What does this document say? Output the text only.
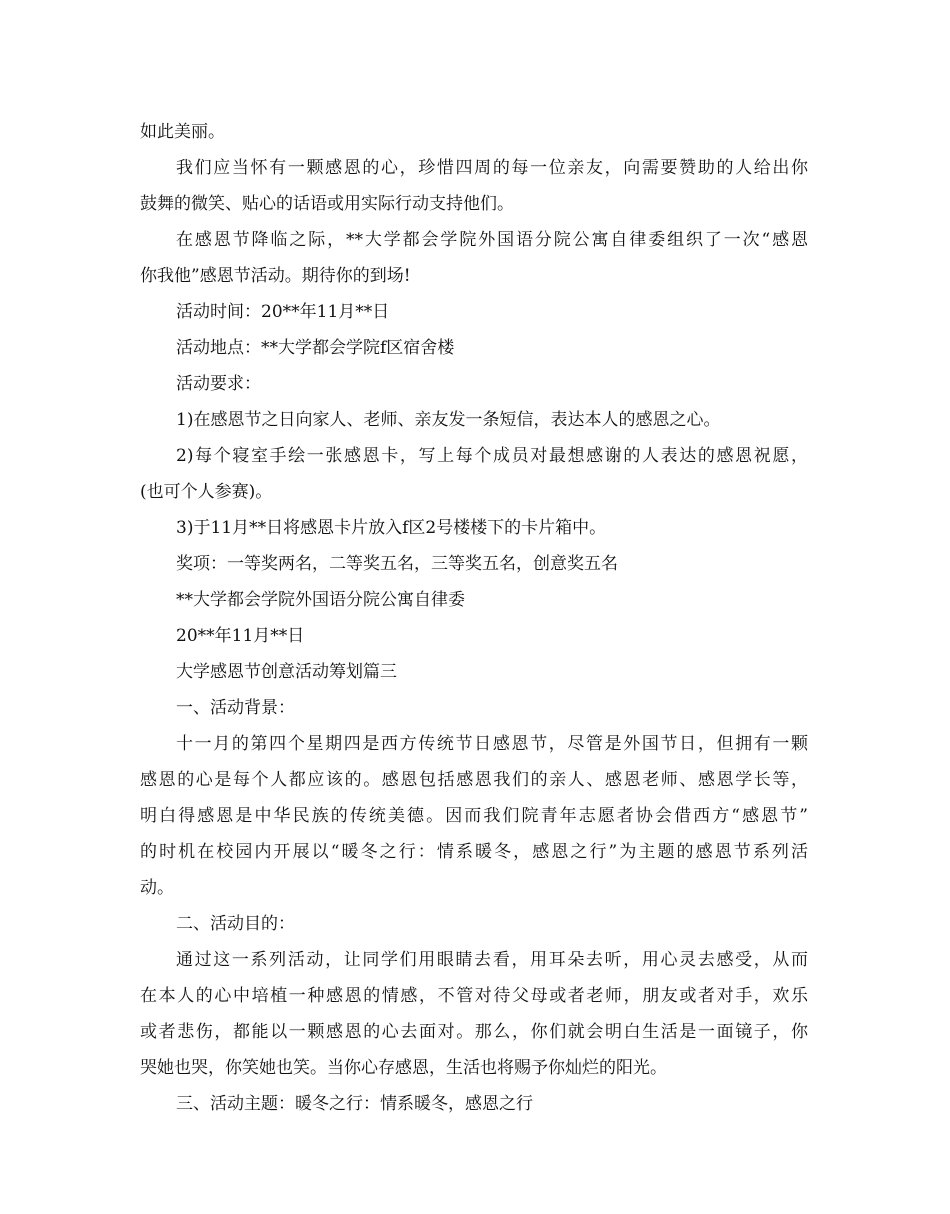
如此美丽。
我们应当怀有一颗感恩的心，珍惜四周的每一位亲友，向需要赞助的人给出你
鼓舞的微笑、贴心的话语或用实际行动支持他们。
在感恩节降临之际，**大学都会学院外国语分院公寓自律委组织了一次“感恩
你我他”感恩节活动。期待你的到场!
活动时间：20**年11月**日
活动地点：**大学都会学院f区宿舍楼
活动要求：
1)在感恩节之日向家人、老师、亲友发一条短信，表达本人的感恩之心。
2)每个寝室手绘一张感恩卡，写上每个成员对最想感谢的人表达的感恩祝愿，
(也可个人参赛)。
3)于11月**日将感恩卡片放入f区2号楼楼下的卡片箱中。
奖项：一等奖两名，二等奖五名，三等奖五名，创意奖五名
**大学都会学院外国语分院公寓自律委
20**年11月**日
大学感恩节创意活动筹划篇三
一、活动背景：
十一月的第四个星期四是西方传统节日感恩节，尽管是外国节日，但拥有一颗
感恩的心是每个人都应该的。感恩包括感恩我们的亲人、感恩老师、感恩学长等，
明白得感恩是中华民族的传统美德。因而我们院青年志愿者协会借西方“感恩节”
的时机在校园内开展以“暖冬之行：情系暖冬，感恩之行”为主题的感恩节系列活
动。
二、活动目的：
通过这一系列活动，让同学们用眼睛去看，用耳朵去听，用心灵去感受，从而
在本人的心中培植一种感恩的情感，不管对待父母或者老师，朋友或者对手，欢乐
或者悲伤，都能以一颗感恩的心去面对。那么，你们就会明白生活是一面镜子，你
哭她也哭，你笑她也笑。当你心存感恩，生活也将赐予你灿烂的阳光。
三、活动主题：暖冬之行：情系暖冬，感恩之行
